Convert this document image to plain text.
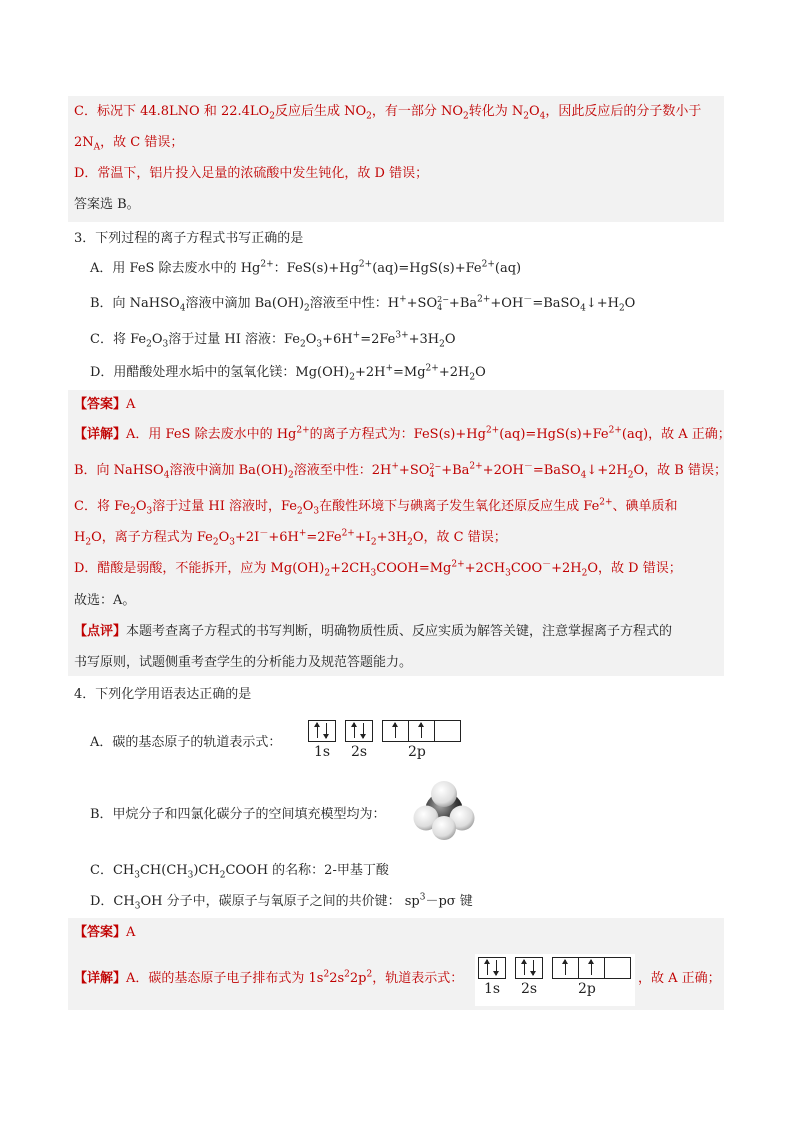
C．标况下 44.8LNO 和 $22.4LO_2$反应后生成 $NO_2$，有一部分 $NO_2$转化为 $N_2O_4$，因此反应后的分子数小于
$2N_A$，故 C 错误；
D．常温下，铝片投入足量的浓硫酸中发生钝化，故 D 错误；
答案选 B。
3．下列过程的离子方程式书写正确的是
A．用 FeS 除去废水中的 $Hg^{2+}$：$FeS(s)+Hg^{2+}(aq)=HgS(s)+Fe^{2+}(aq)$
B．向 NaHSO$_4$溶液中滴加 $Ba(OH)_2$溶液至中性：H++SO 2−
$4 +Ba^{2+}+OH^-=BaSO_4↓+H_2O$
C．将 $Fe_2O_3$溶于过量 HI 溶液：$Fe_2O_3+6H^+=2Fe^{3+}+3H_2O$
D．用醋酸处理水垢中的氢氧化镁：$Mg(OH)_2+2H^+=Mg^{2+}+2H_2O$
【答案】A
【详解】A．用 FeS 除去废水中的 $Hg^{2+}$的离子方程式为：$FeS(s)+Hg^{2+}(aq)=HgS(s)+Fe^{2+}(aq)$，故 A 正确；
B．向 NaHSO$_4$溶液中滴加 $Ba(OH)_2$溶液至中性：2H++SO 2−
$4 +Ba^{2+}+2OH^-=BaSO_4↓+2H_2O$，故 B 错误；
C．将 $Fe_2O_3$溶于过量 HI 溶液时，$Fe_2O_3$在酸性环境下与碘离子发生氧化还原反应生成 $Fe^{2+}$、碘单质和
$H_2O$，离子方程式为 $Fe_2O_3+2I^-+6H^+=2Fe^{2+}+I_2+3H_2O$，故 C 错误；
D．醋酸是弱酸，不能拆开，应为 $Mg(OH)_2+2CH_3COOH=Mg^{2+}+2CH_3COO^-+2H_2O$，故 D 错误；
故选：A。
【点评】本题考查离子方程式的书写判断，明确物质性质、反应实质为解答关键，注意掌握离子方程式的
书写原则，试题侧重考查学生的分析能力及规范答题能力。
4．下列化学用语表达正确的是
A．碳的基态原子的轨道表示式：
1s 2s	2p
B．甲烷分子和四氯化碳分子的空间填充模型均为：
C．$CH_3CH(CH_3)CH_2COOH$ 的名称：2-甲基丁酸
D．$CH_3OH$ 分子中，碳原子与氧原子之间的共价键： $sp^3-p\sigma$ 键
【答案】A
【详解】A．碳的基态原子电子排布式为 $1s^22s^22p^2$，轨道表示式：
1s 2s	2p
，故 A 正确；
